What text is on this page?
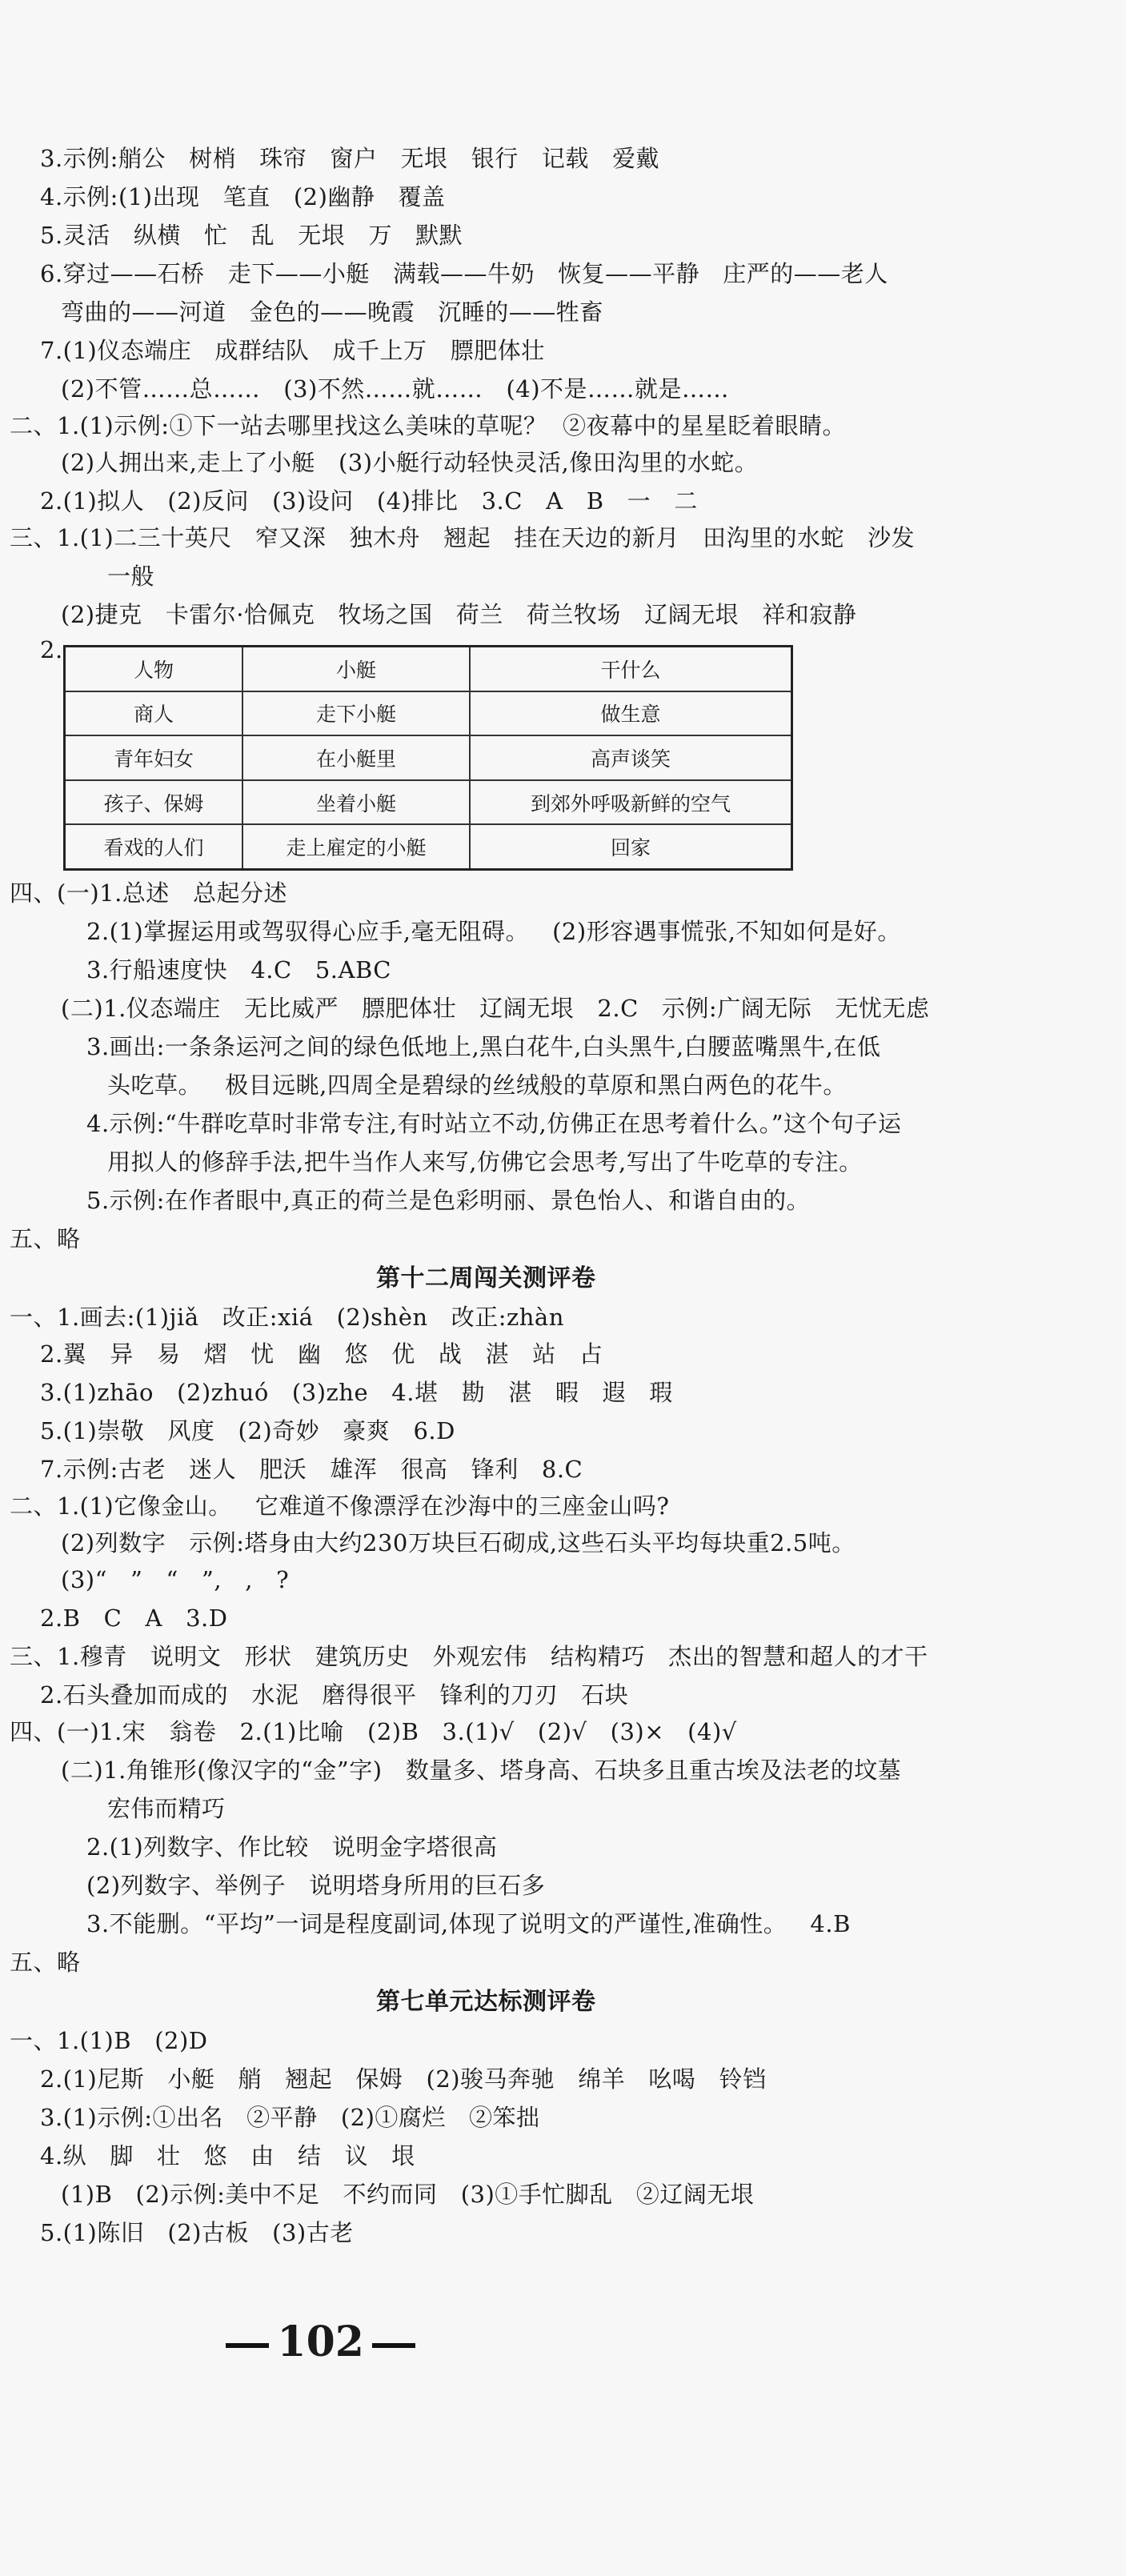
3.示例:艄公   树梢   珠帘   窗户   无垠   银行   记载   爱戴
4.示例:(1)出现   笔直   (2)幽静   覆盖
5.灵活   纵横   忙   乱   无垠   万   默默
6.穿过——石桥   走下——小艇   满载——牛奶   恢复——平静   庄严的——老人
弯曲的——河道   金色的——晚霞   沉睡的——牲畜
7.(1)仪态端庄   成群结队   成千上万   膘肥体壮
(2)不管……总……   (3)不然……就……   (4)不是……就是……
二、1.(1)示例:①下一站去哪里找这么美味的草呢？  ②夜幕中的星星眨着眼睛。
(2)人拥出来,走上了小艇   (3)小艇行动轻快灵活,像田沟里的水蛇。
2.(1)拟人   (2)反问   (3)设问   (4)排比   3.C   A   B   一   二
三、1.(1)二三十英尺   窄又深   独木舟   翘起   挂在天边的新月   田沟里的水蛇   沙发
一般
(2)捷克   卡雷尔·恰佩克   牧场之国   荷兰   荷兰牧场   辽阔无垠   祥和寂静
2.
四、(一)1.总述   总起分述
2.(1)掌握运用或驾驭得心应手,毫无阻碍。   (2)形容遇事慌张,不知如何是好。
3.行船速度快   4.C   5.ABC
(二)1.仪态端庄   无比威严   膘肥体壮   辽阔无垠   2.C   示例:广阔无际   无忧无虑
3.画出:一条条运河之间的绿色低地上,黑白花牛,白头黑牛,白腰蓝嘴黑牛,在低
头吃草。   极目远眺,四周全是碧绿的丝绒般的草原和黑白两色的花牛。
4.示例:“牛群吃草时非常专注,有时站立不动,仿佛正在思考着什么。”这个句子运
用拟人的修辞手法,把牛当作人来写,仿佛它会思考,写出了牛吃草的专注。
5.示例:在作者眼中,真正的荷兰是色彩明丽、景色怡人、和谐自由的。
五、略
第十二周闯关测评卷
一、1.画去:(1)jiǎ   改正:xiá   (2)shèn   改正:zhàn
2.翼   异   易   熠   忧   幽   悠   优   战   湛   站   占
3.(1)zhāo   (2)zhuó   (3)zhe   4.堪   勘   湛   暇   遐   瑕
5.(1)崇敬   风度   (2)奇妙   豪爽   6.D
7.示例:古老   迷人   肥沃   雄浑   很高   锋利   8.C
二、1.(1)它像金山。   它难道不像漂浮在沙海中的三座金山吗?
(2)列数字   示例:塔身由大约230万块巨石砌成,这些石头平均每块重2.5吨。
(3)“   ”   “   ”,   ,   ?
2.B   C   A   3.D
三、1.穆青   说明文   形状   建筑历史   外观宏伟   结构精巧   杰出的智慧和超人的才干
2.石头叠加而成的   水泥   磨得很平   锋利的刀刃   石块
四、(一)1.宋   翁卷   2.(1)比喻   (2)B   3.(1)√   (2)√   (3)×   (4)√
(二)1.角锥形(像汉字的“金”字)   数量多、塔身高、石块多且重古埃及法老的坟墓
宏伟而精巧
2.(1)列数字、作比较   说明金字塔很高
(2)列数字、举例子   说明塔身所用的巨石多
3.不能删。“平均”一词是程度副词,体现了说明文的严谨性,准确性。   4.B
五、略
第七单元达标测评卷
一、1.(1)B   (2)D
2.(1)尼斯   小艇   艄   翘起   保姆   (2)骏马奔驰   绵羊   吆喝   铃铛
3.(1)示例:①出名   ②平静   (2)①腐烂   ②笨拙
4.纵   脚   壮   悠   由   结   议   垠
(1)B   (2)示例:美中不足   不约而同   (3)①手忙脚乱   ②辽阔无垠
5.(1)陈旧   (2)古板   (3)古老
人物	小艇	干什么
商人	走下小艇	做生意
青年妇女	在小艇里	高声谈笑
孩子、保姆	坐着小艇	到郊外呼吸新鲜的空气
看戏的人们	走上雇定的小艇	回家

102
